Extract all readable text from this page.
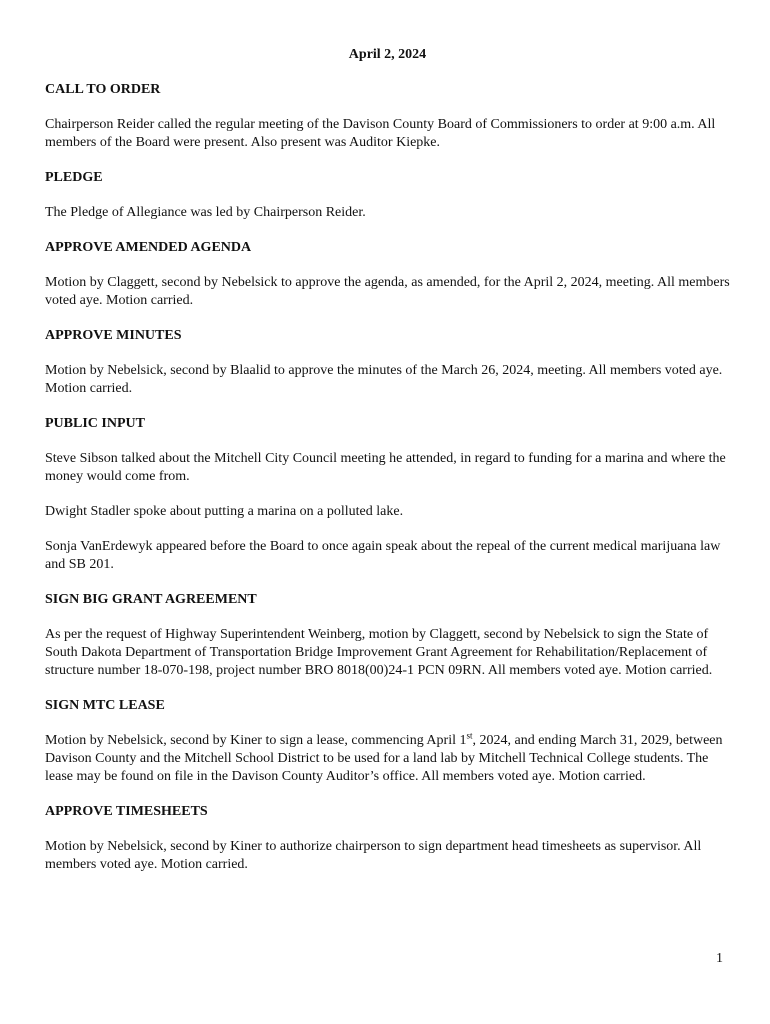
April 2, 2024

CALL TO ORDER

Chairperson Reider called the regular meeting of the Davison County Board of Commissioners to order at 9:00 a.m. All members of the Board were present. Also present was Auditor Kiepke.

PLEDGE

The Pledge of Allegiance was led by Chairperson Reider.

APPROVE AMENDED AGENDA

Motion by Claggett, second by Nebelsick to approve the agenda, as amended, for the April 2, 2024, meeting. All members voted aye. Motion carried.

APPROVE MINUTES

Motion by Nebelsick, second by Blaalid to approve the minutes of the March 26, 2024, meeting. All members voted aye. Motion carried.

PUBLIC INPUT

Steve Sibson talked about the Mitchell City Council meeting he attended, in regard to funding for a marina and where the money would come from.

Dwight Stadler spoke about putting a marina on a polluted lake.

Sonja VanErdewyk appeared before the Board to once again speak about the repeal of the current medical marijuana law and SB 201.

SIGN BIG GRANT AGREEMENT

As per the request of Highway Superintendent Weinberg, motion by Claggett, second by Nebelsick to sign the State of South Dakota Department of Transportation Bridge Improvement Grant Agreement for Rehabilitation/Replacement of structure number 18-070-198, project number BRO 8018(00)24-1 PCN 09RN. All members voted aye. Motion carried.

SIGN MTC LEASE

Motion by Nebelsick, second by Kiner to sign a lease, commencing April 1st, 2024, and ending March 31, 2029, between Davison County and the Mitchell School District to be used for a land lab by Mitchell Technical College students. The lease may be found on file in the Davison County Auditor’s office. All members voted aye. Motion carried.

APPROVE TIMESHEETS

Motion by Nebelsick, second by Kiner to authorize chairperson to sign department head timesheets as supervisor. All members voted aye. Motion carried.

1
